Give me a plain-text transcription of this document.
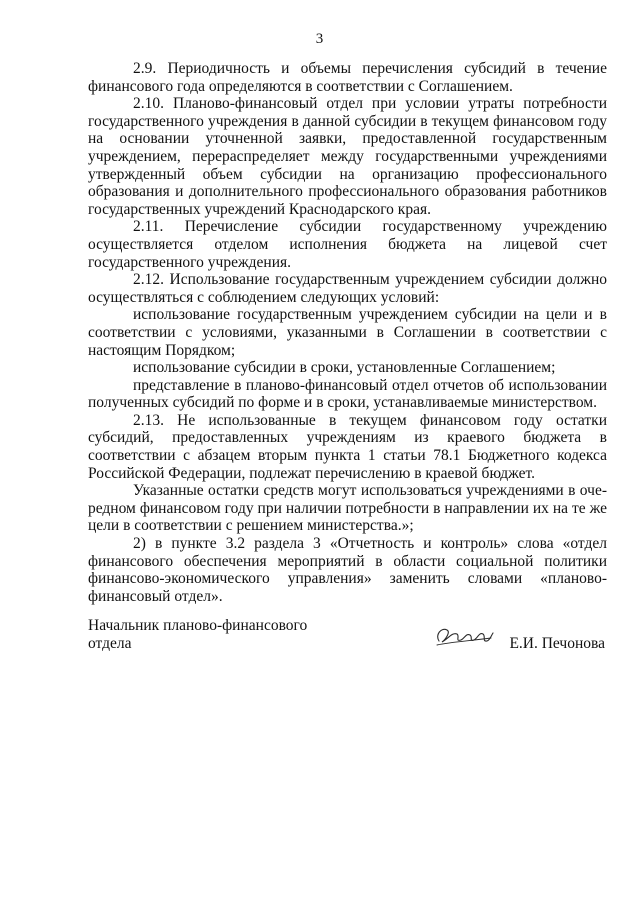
3

2.9. Периодичность и объемы перечисления субсидий в течение финансового года определяются в соответствии с Соглашением.

2.10. Планово-финансовый отдел при условии утраты потребности государственного учреждения в данной субсидии в текущем финансовом году на основании уточненной заявки, предоставленной государственным учреждением, перераспределяет между государственными учреждениями утвержденный объем субсидии на организацию профессионального образования и дополнительного профессионального образования работников государственных учреждений Краснодарского края.

2.11. Перечисление субсидии государственному учреждению осуществляется отделом исполнения бюджета на лицевой счет государственного учреждения.

2.12. Использование государственным учреждением субсидии должно осуществляться с соблюдением следующих условий:

использование государственным учреждением субсидии на цели и в соответствии с условиями, указанными в Соглашении в соответствии с настоящим Порядком;

использование субсидии в сроки, установленные Соглашением;

представление в планово-финансовый отдел отчетов об использовании полученных субсидий по форме и в сроки, устанавливаемые министерством.

2.13. Не использованные в текущем финансовом году остатки субсидий, предоставленных учреждениям из краевого бюджета в соответствии с абзацем вторым пункта 1 статьи 78.1 Бюджетного кодекса Российской Федерации, подлежат перечислению в краевой бюджет.

Указанные остатки средств могут использоваться учреждениями в очередном финансовом году при наличии потребности в направлении их на те же цели в соответствии с решением министерства.»;

2) в пункте 3.2 раздела 3 «Отчетность и контроль» слова «отдел финансового обеспечения мероприятий в области социальной политики финансово-экономического управления» заменить словами «планово-финансовый отдел».

Начальник планово-финансового отдела	Е.И. Печонова
